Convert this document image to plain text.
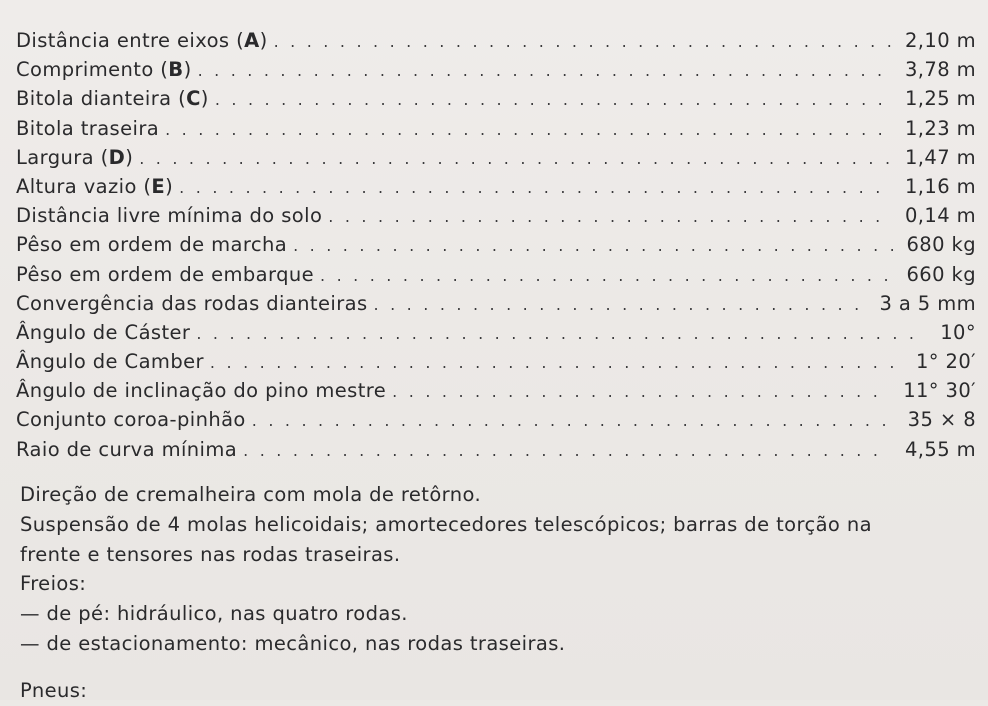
Distância entre eixos (A) . . .	2,10 m
Comprimento (B) . . .	3,78 m
Bitola dianteira (C) . . .	1,25 m
Bitola traseira . . .	1,23 m
Largura (D) . . .	1,47 m
Altura vazio (E) . . .	1,16 m
Distância livre mínima do solo . . .	0,14 m
Pêso em ordem de marcha . . .	680 kg
Pêso em ordem de embarque . . .	660 kg
Convergência das rodas dianteiras . . .	3 a 5 mm
Ângulo de Cáster . . .	10°
Ângulo de Camber . . .	1° 20′
Ângulo de inclinação do pino mestre . . .	11° 30′
Conjunto coroa-pinhão . . .	35 × 8
Raio de curva mínima . . .	4,55 m
Direção de cremalheira com mola de retôrno.
Suspensão de 4 molas helicoidais; amortecedores telescópicos; barras de torção na
frente e tensores nas rodas traseiras.
Freios:
— de pé: hidráulico, nas quatro rodas.
— de estacionamento: mecânico, nas rodas traseiras.
Pneus:
